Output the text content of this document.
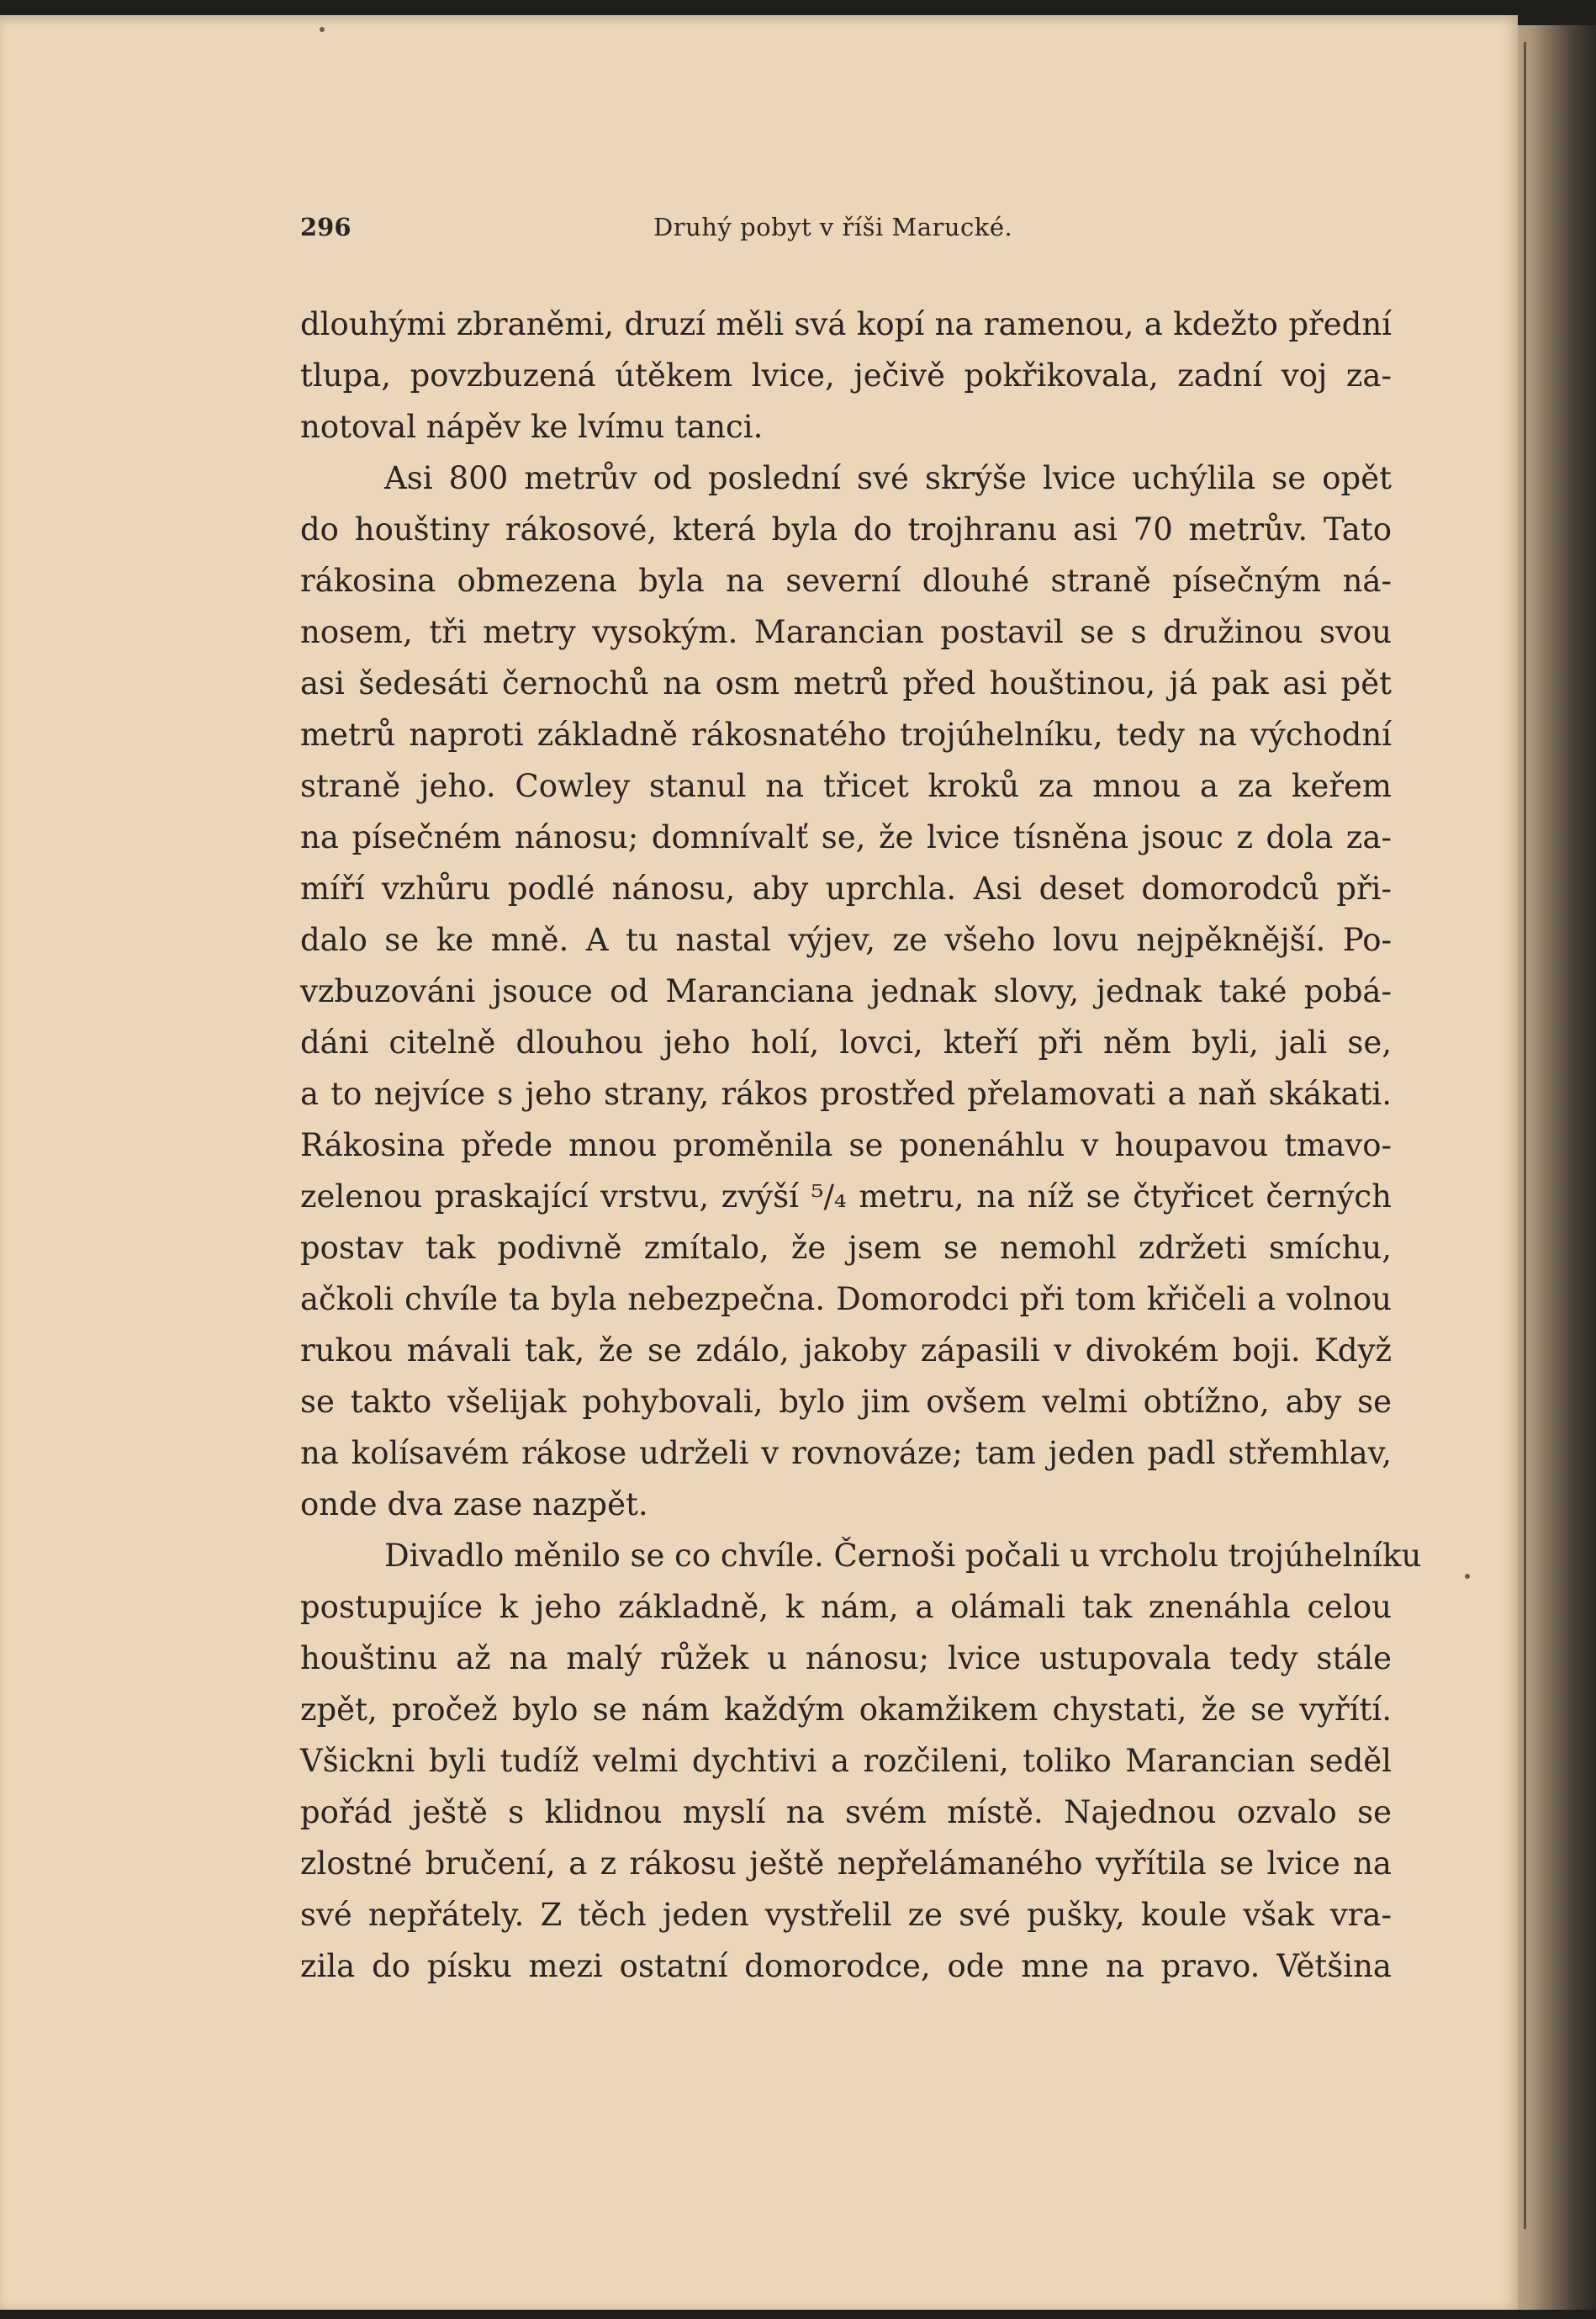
296	Druhý pobyt v říši Marucké.

dlouhými zbraněmi, druzí měli svá kopí na ramenou, a kdežto přední
tlupa, povzbuzená útěkem lvice, ječivě pokřikovala, zadní voj za-
notoval nápěv ke lvímu tanci.

Asi 800 metrův od poslední své skrýše lvice uchýlila se opět
do houštiny rákosové, která byla do trojhranu asi 70 metrův. Tato
rákosina obmezena byla na severní dlouhé straně písečným ná-
nosem, tři metry vysokým. Marancian postavil se s družinou svou
asi šedesáti černochů na osm metrů před houštinou, já pak asi pět
metrů naproti základně rákosnatého trojúhelníku, tedy na východní
straně jeho. Cowley stanul na třicet kroků za mnou a za keřem
na písečném nánosu; domnívalť se, že lvice tísněna jsouc z dola za-
míří vzhůru podlé nánosu, aby uprchla. Asi deset domorodců při-
dalo se ke mně. A tu nastal výjev, ze všeho lovu nejpěknější. Po-
vzbuzováni jsouce od Maranciana jednak slovy, jednak také pobá-
dáni citelně dlouhou jeho holí, lovci, kteří při něm byli, jali se,
a to nejvíce s jeho strany, rákos prostřed přelamovati a naň skákati.
Rákosina přede mnou proměnila se ponenáhlu v houpavou tmavo-
zelenou praskající vrstvu, zvýší ⁵/₄ metru, na níž se čtyřicet černých
postav tak podivně zmítalo, že jsem se nemohl zdržeti smíchu,
ačkoli chvíle ta byla nebezpečna. Domorodci při tom křičeli a volnou
rukou mávali tak, že se zdálo, jakoby zápasili v divokém boji. Když
se takto všelijak pohybovali, bylo jim ovšem velmi obtížno, aby se
na kolísavém rákose udrželi v rovnováze; tam jeden padl střemhlav,
onde dva zase nazpět.

Divadlo měnilo se co chvíle. Černoši počali u vrcholu trojúhelníku
postupujíce k jeho základně, k nám, a olámali tak znenáhla celou
houštinu až na malý růžek u nánosu; lvice ustupovala tedy stále
zpět, pročež bylo se nám každým okamžikem chystati, že se vyřítí.
Všickni byli tudíž velmi dychtivi a rozčileni, toliko Marancian seděl
pořád ještě s klidnou myslí na svém místě. Najednou ozvalo se
zlostné bručení, a z rákosu ještě nepřelámaného vyřítila se lvice na
své nepřátely. Z těch jeden vystřelil ze své pušky, koule však vra-
zila do písku mezi ostatní domorodce, ode mne na pravo. Většina
